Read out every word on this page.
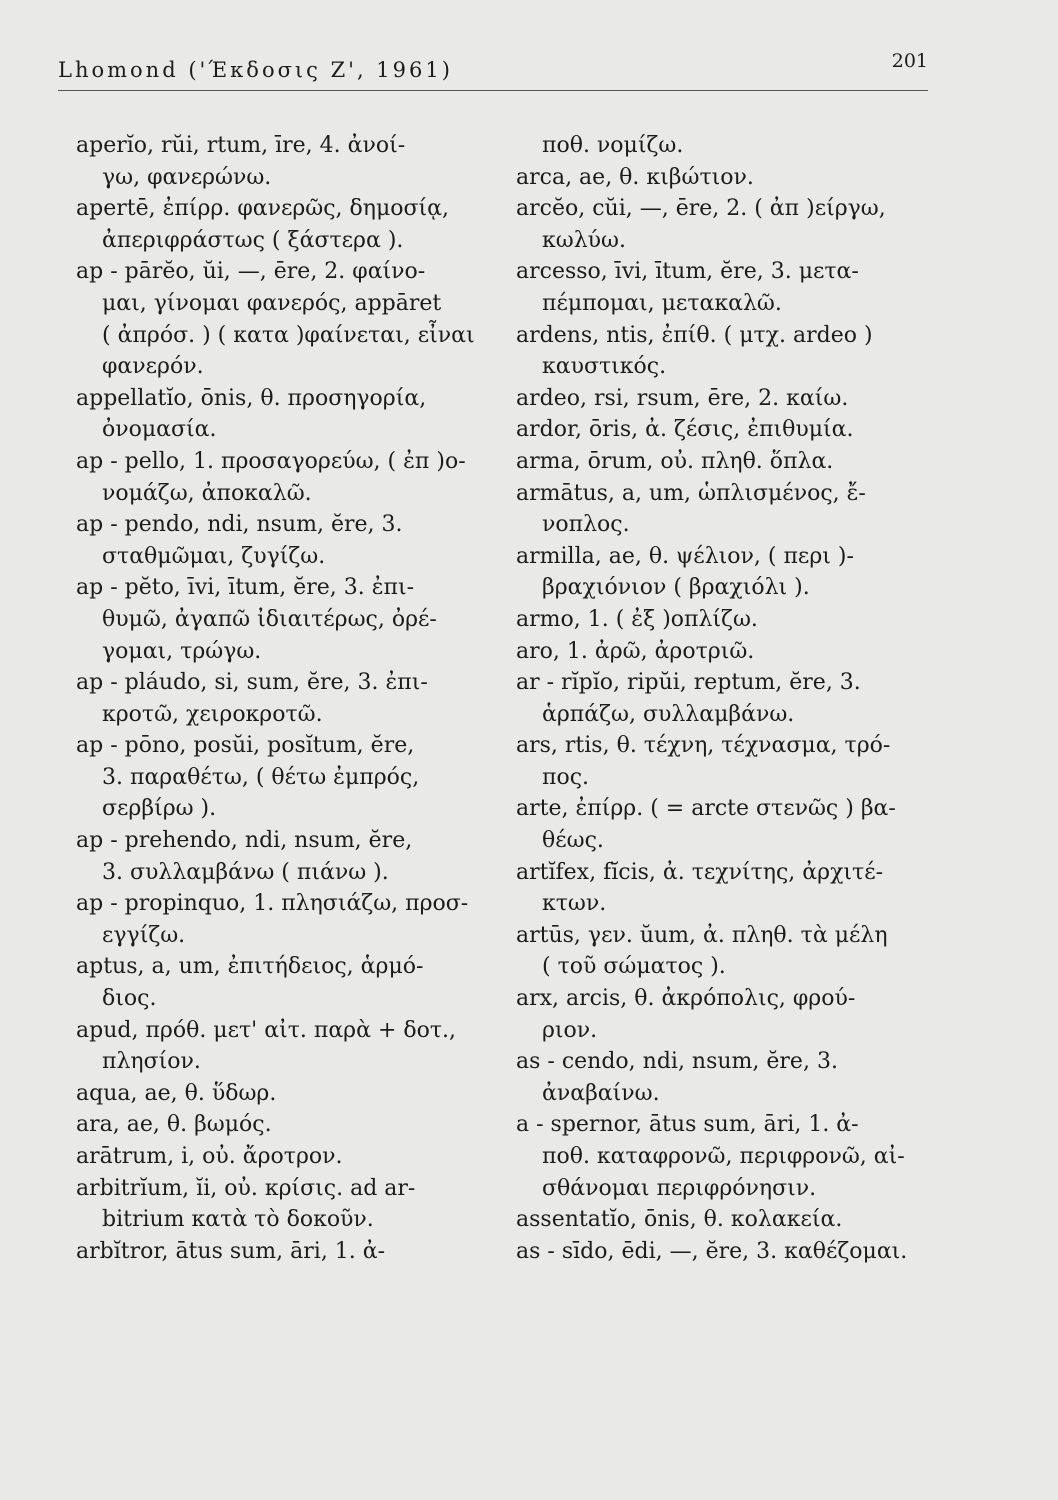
Lhomond ('Έκδοσις Ζ', 1961)	201
aperĭo, rŭi, rtum, īre, 4. ἀνοί-
γω, φανερώνω.
apertē, ἐπίρρ. φανερῶς, δημοσίᾳ,
ἀπεριφράστως ( ξάστερα ).
ap - pārĕo, ŭi, —, ēre, 2. φαίνο-
μαι, γίνομαι φανερός, appāret
( ἀπρόσ. ) ( κατα )φαίνεται, εἶναι
φανερόν.
appellatĭo, ōnis, θ. προσηγορία,
ὀνομασία.
ap - pello, 1. προσαγορεύω, ( ἐπ )ο-
νομάζω, ἀποκαλῶ.
ap - pendo, ndi, nsum, ĕre, 3.
σταθμῶμαι, ζυγίζω.
ap - pĕto, īvi, ītum, ĕre, 3. ἐπι-
θυμῶ, ἀγαπῶ ἰδιαιτέρως, ὀρέ-
γομαι, τρώγω.
ap - pláudo, si, sum, ĕre, 3. ἐπι-
κροτῶ, χειροκροτῶ.
ap - pōno, posŭi, posĭtum, ĕre,
3. παραθέτω, ( θέτω ἐμπρός,
σερβίρω ).
ap - prehendo, ndi, nsum, ĕre,
3. συλλαμβάνω ( πιάνω ).
ap - propinquo, 1. πλησιάζω, προσ-
εγγίζω.
aptus, a, um, ἐπιτήδειος, ἁρμό-
διος.
apud, πρόθ. μετ' αἰτ. παρὰ + δοτ.,
πλησίον.
aqua, ae, θ. ὕδωρ.
ara, ae, θ. βωμός.
arātrum, i, οὐ. ἄροτρον.
arbitrĭum, ĭi, οὐ. κρίσις. ad ar-
bitrium κατὰ τὸ δοκοῦν.
arbĭtror, ātus sum, āri, 1. ἀ-
ποθ. νομίζω.
arca, ae, θ. κιβώτιον.
arcĕo, cŭi, —, ēre, 2. ( ἀπ )είργω,
κωλύω.
arcesso, īvi, ītum, ĕre, 3. μετα-
πέμπομαι, μετακαλῶ.
ardens, ntis, ἐπίθ. ( μτχ. ardeo )
καυστικός.
ardeo, rsi, rsum, ēre, 2. καίω.
ardor, ōris, ἀ. ζέσις, ἐπιθυμία.
arma, ōrum, οὐ. πληθ. ὅπλα.
armātus, a, um, ὡπλισμένος, ἔ-
νοπλος.
armilla, ae, θ. ψέλιον, ( περι )-
βραχιόνιον ( βραχιόλι ).
armo, 1. ( ἐξ )οπλίζω.
aro, 1. ἀρῶ, ἀροτριῶ.
ar - rĭpĭo, ripŭi, reptum, ĕre, 3.
ἁρπάζω, συλλαμβάνω.
ars, rtis, θ. τέχνη, τέχνασμα, τρό-
πος.
arte, ἐπίρρ. ( = arcte στενῶς ) βα-
θέως.
artĭfex, fĭcis, ἀ. τεχνίτης, ἀρχιτέ-
κτων.
artūs, γεν. ŭum, ἀ. πληθ. τὰ μέλη
( τοῦ σώματος ).
arx, arcis, θ. ἀκρόπολις, φρού-
ριον.
as - cendo, ndi, nsum, ĕre, 3.
ἀναβαίνω.
a - spernor, ātus sum, āri, 1. ἀ-
ποθ. καταφρονῶ, περιφρονῶ, αἰ-
σθάνομαι περιφρόνησιν.
assentatĭo, ōnis, θ. κολακεία.
as - sīdo, ēdi, —, ĕre, 3. καθέζομαι.
